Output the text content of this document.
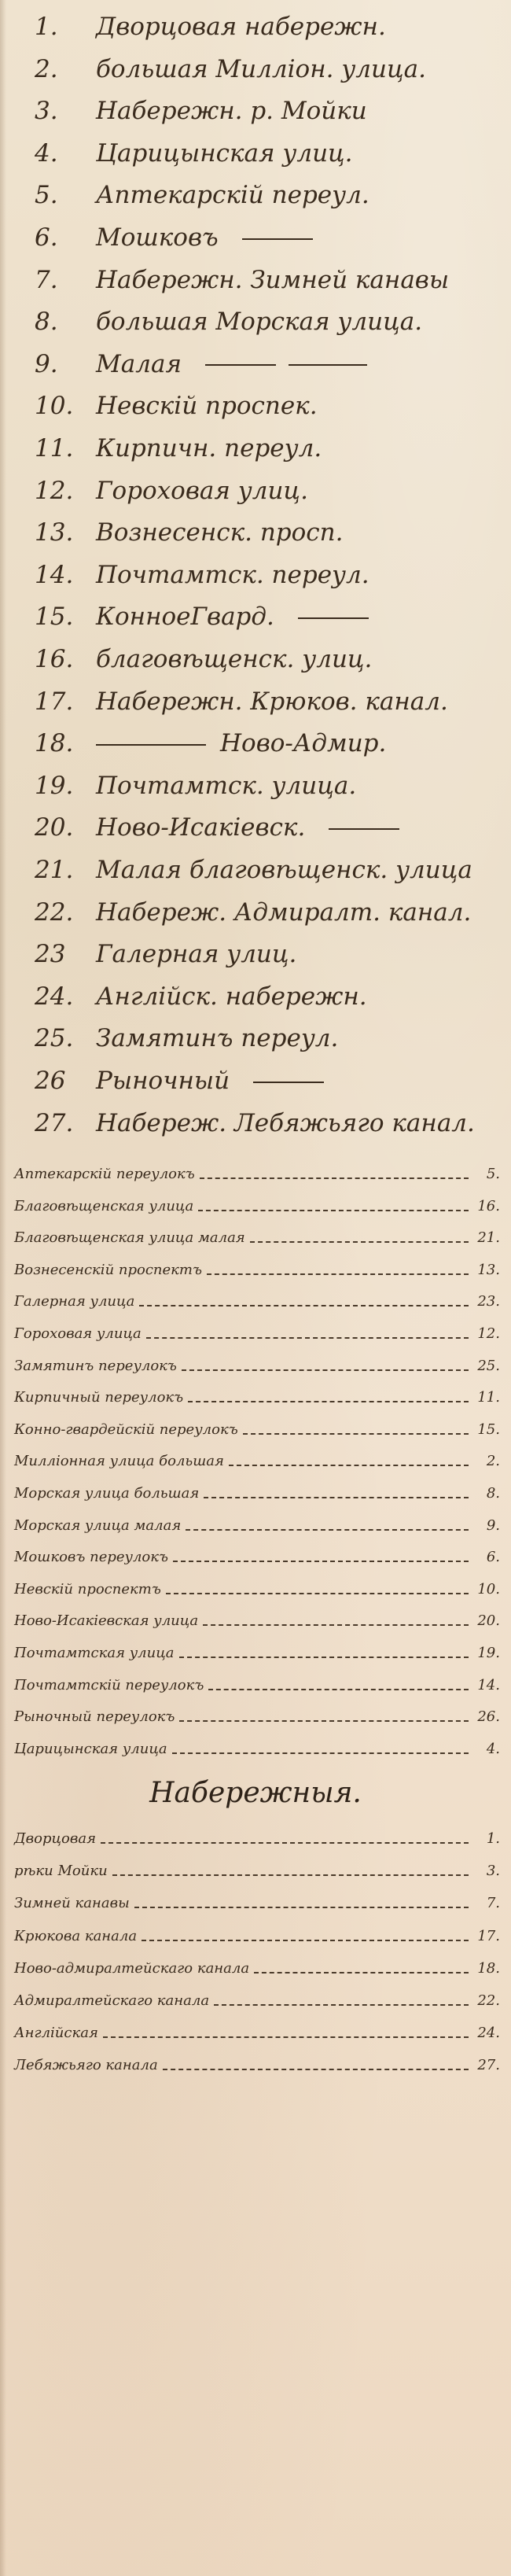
1. Дворцовая набережн.
2. большая Миллiон. улица.
3. Набережн. р. Мойки
4. Царицынская улиц.
5. Аптекарскiй переул.
6. Мошковъ
7. Набережн. Зимней канавы
8. большая Морская улица.
9. Малая
10. Невскiй проспек.
11. Кирпичн. переул.
12. Гороховая улиц.
13. Вознесенск. просп.
14. Почтамтск. переул.
15. КонноеГвард.
16. благовѣщенск. улиц.
17. Набережн. Крюков. канал.
18.	Ново-Адмир.
19. Почтамтск. улица.
20. Ново-Исакiевск.
21. Малая благовѣщенск. улица
22. Набереж. Адмиралт. канал.
23 Галерная улиц.
24. Англiйск. набережн.
25. Замятинъ переул.
26 Рыночный
27. Набереж. Лебяжьяго канал.
Аптекарскiй переулокъ	5.
Благовѣщенская улица	16.
Благовѣщенская улица малая	21.
Вознесенскiй проспектъ	13.
Галерная улица	23.
Гороховая улица	12.
Замятинъ переулокъ	25.
Кирпичный переулокъ	11.
Конно-гвардейскiй переулокъ	15.
Миллiонная улица большая	2.
Морская улица большая	8.
Морская улица малая	9.
Мошковъ переулокъ	6.
Невскiй проспектъ	10.
Ново-Исакiевская улица	20.
Почтамтская улица	19.
Почтамтскiй переулокъ	14.
Рыночный переулокъ	26.
Царицынская улица	4.
Набережныя.
Дворцовая	1.
рѣки Мойки	3.
Зимней канавы	7.
Крюкова канала	17.
Ново-адмиралтейскаго канала	18.
Адмиралтейскаго канала	22.
Англiйская	24.
Лебяжьяго канала	27.
